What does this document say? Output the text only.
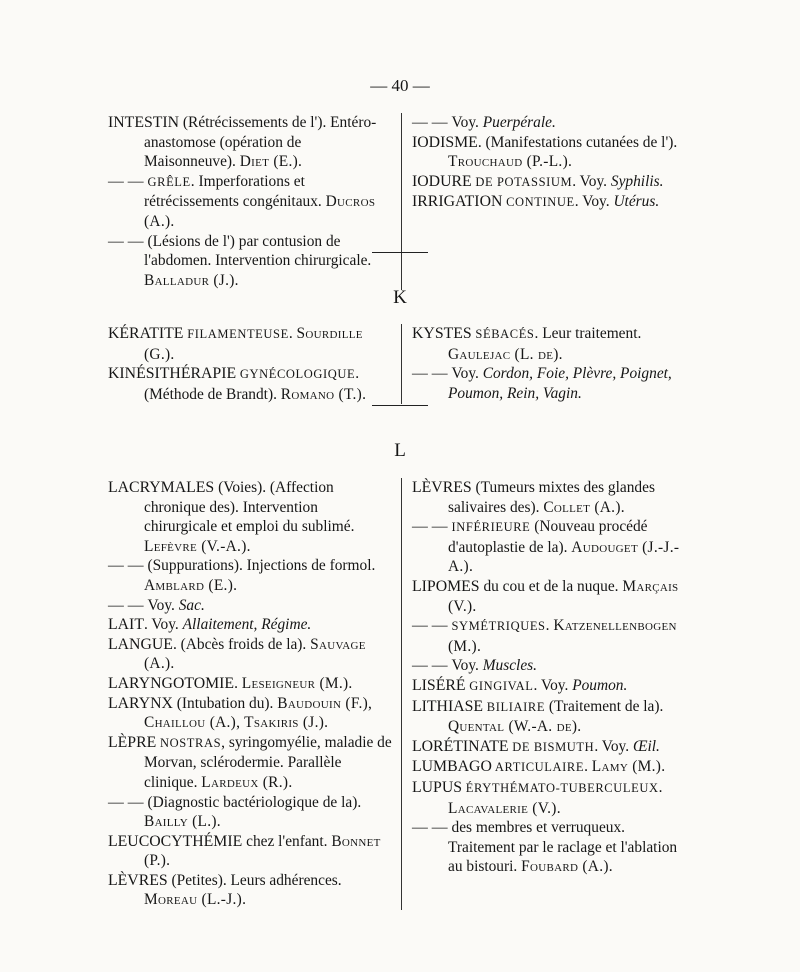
— 40 —
INTESTIN (Rétrécissements de l'). Entéro-anastomose (opération de Maisonneuve). Diet (E.).
— — GRÊLE. Imperforations et rétrécissements congénitaux. Ducros (A.).
— — (Lésions de l') par contusion de l'abdomen. Intervention chirurgicale. Balladur (J.).
— — Voy. Puerpérale.
IODISME. (Manifestations cutanées de l'). Trouchaud (P.-L.).
IODURE DE POTASSIUM. Voy. Syphilis.
IRRIGATION CONTINUE. Voy. Utérus.
K
KÉRATITE FILAMENTEUSE. Sourdille (G.).
KINÉSITHÉRAPIE GYNÉCOLOGIQUE. (Méthode de Brandt). Romano (T.).
KYSTES SÉBACÉS. Leur traitement. Gaulejac (L. de).
— — Voy. Cordon, Foie, Plèvre, Poignet, Poumon, Rein, Vagin.
L
LACRYMALES (Voies). (Affection chronique des). Intervention chirurgicale et emploi du sublimé. Lefèvre (V.-A.).
— — (Suppurations). Injections de formol. Amblard (E.).
— — Voy. Sac.
LAIT. Voy. Allaitement, Régime.
LANGUE. (Abcès froids de la). Sauvage (A.).
LARYNGOTOMIE. Leseigneur (M.).
LARYNX (Intubation du). Baudouin (F.), Chaillou (A.), Tsakiris (J.).
LÈPRE NOSTRAS, syringomyélie, maladie de Morvan, sclérodermie. Parallèle clinique. Lardeux (R.).
— — (Diagnostic bactériologique de la). Bailly (L.).
LEUCOCYTHÉMIE chez l'enfant. Bonnet (P.).
LÈVRES (Petites). Leurs adhérences. Moreau (L.-J.).
LÈVRES (Tumeurs mixtes des glandes salivaires des). Collet (A.).
— — INFÉRIEURE (Nouveau procédé d'autoplastie de la). Audouget (J.-J.-A.).
LIPOMES du cou et de la nuque. Marçais (V.).
— — SYMÉTRIQUES. Katzenellenbogen (M.).
— — Voy. Muscles.
LISÉRÉ GINGIVAL. Voy. Poumon.
LITHIASE BILIAIRE (Traitement de la). Quental (W.-A. de).
LORÉTINATE DE BISMUTH. Voy. Œil.
LUMBAGO ARTICULAIRE. Lamy (M.).
LUPUS ÉRYTHÉMATO-TUBERCULEUX. Lacavalerie (V.).
— — des membres et verruqueux. Traitement par le raclage et l'ablation au bistouri. Foubard (A.).
